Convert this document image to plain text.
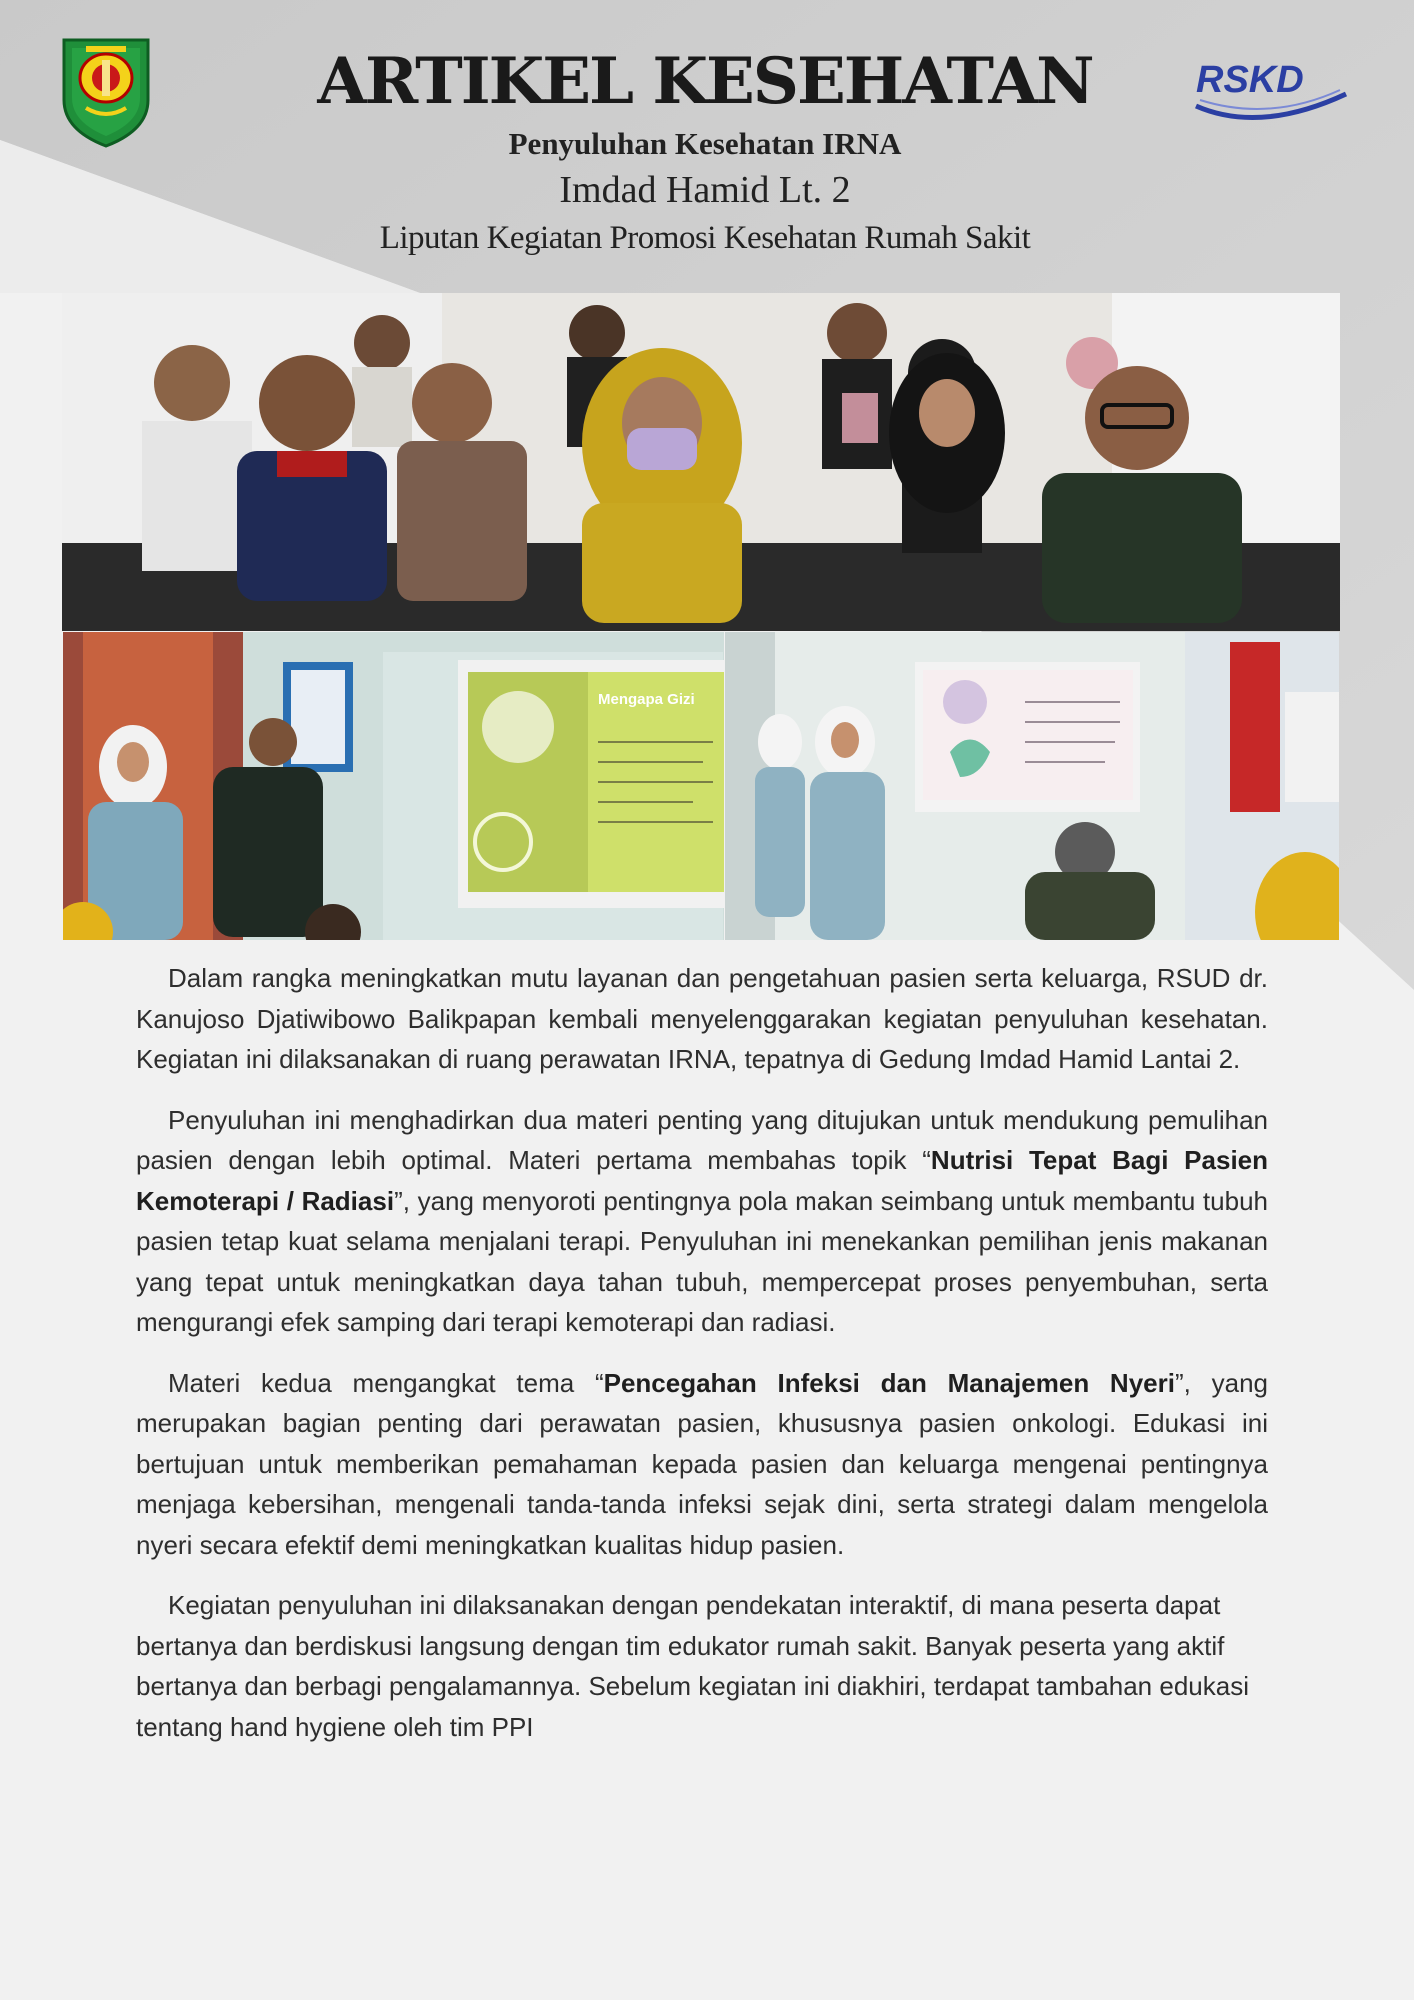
RSKD
ARTIKEL KESEHATAN
Penyuluhan Kesehatan IRNA
Imdad Hamid Lt. 2
Liputan Kegiatan Promosi Kesehatan Rumah Sakit
Mengapa Gizi

Dalam rangka meningkatkan mutu layanan dan pengetahuan pasien serta keluarga, RSUD dr. Kanujoso Djatiwibowo Balikpapan kembali menyelenggarakan kegiatan penyuluhan kesehatan. Kegiatan ini dilaksanakan di ruang perawatan IRNA, tepatnya di Gedung Imdad Hamid Lantai 2.

Penyuluhan ini menghadirkan dua materi penting yang ditujukan untuk mendukung pemulihan pasien dengan lebih optimal. Materi pertama membahas topik “Nutrisi Tepat Bagi Pasien Kemoterapi / Radiasi”, yang menyoroti pentingnya pola makan seimbang untuk membantu tubuh pasien tetap kuat selama menjalani terapi. Penyuluhan ini menekankan pemilihan jenis makanan yang tepat untuk meningkatkan daya tahan tubuh, mempercepat proses penyembuhan, serta mengurangi efek samping dari terapi kemoterapi dan radiasi.

Materi kedua mengangkat tema “Pencegahan Infeksi dan Manajemen Nyeri”, yang merupakan bagian penting dari perawatan pasien, khususnya pasien onkologi. Edukasi ini bertujuan untuk memberikan pemahaman kepada pasien dan keluarga mengenai pentingnya menjaga kebersihan, mengenali tanda-tanda infeksi sejak dini, serta strategi dalam mengelola nyeri secara efektif demi meningkatkan kualitas hidup pasien.

Kegiatan penyuluhan ini dilaksanakan dengan pendekatan interaktif, di mana peserta dapat bertanya dan berdiskusi langsung dengan tim edukator rumah sakit. Banyak peserta yang aktif bertanya dan berbagi pengalamannya. Sebelum kegiatan ini diakhiri, terdapat tambahan edukasi tentang hand hygiene oleh tim PPI
